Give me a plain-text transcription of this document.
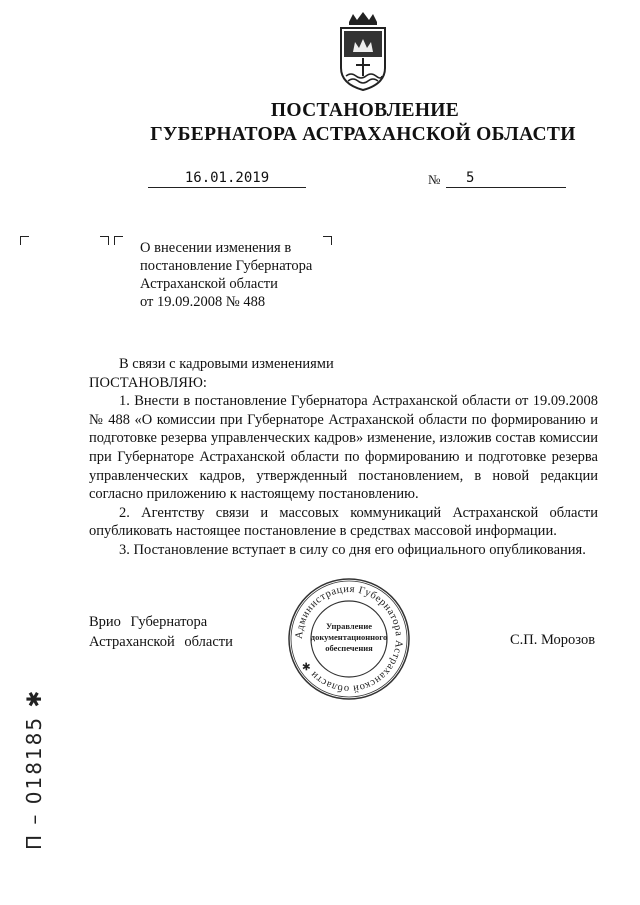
ПОСТАНОВЛЕНИЕ
ГУБЕРНАТОРА АСТРАХАНСКОЙ ОБЛАСТИ
16.01.2019	№	5
О внесении изменения в
постановление Губернатора
Астраханской области
от 19.09.2008 № 488

В связи с кадровыми изменениями

ПОСТАНОВЛЯЮ:

1. Внести в постановление Губернатора Астраханской области от 19.09.2008 № 488 «О комиссии при Губернаторе Астраханской области по формированию и подготовке резерва управленческих кадров» изменение, изложив состав комиссии при Губернаторе Астраханской области по формированию и подготовке резерва управленческих кадров, утвержденный постановлением, в новой редакции согласно приложению к настоящему постановлению.

2. Агентству связи и массовых коммуникаций Астраханской области опубликовать настоящее постановление в средствах массовой информации.

3. Постановление вступает в силу со дня его официального опубликования.

Врио Губернатора
Астраханской области	С.П. Морозов
Администрация Губернатора Астраханской области ✱
Управление
документационного
обеспечения
П – 018185 ✱
